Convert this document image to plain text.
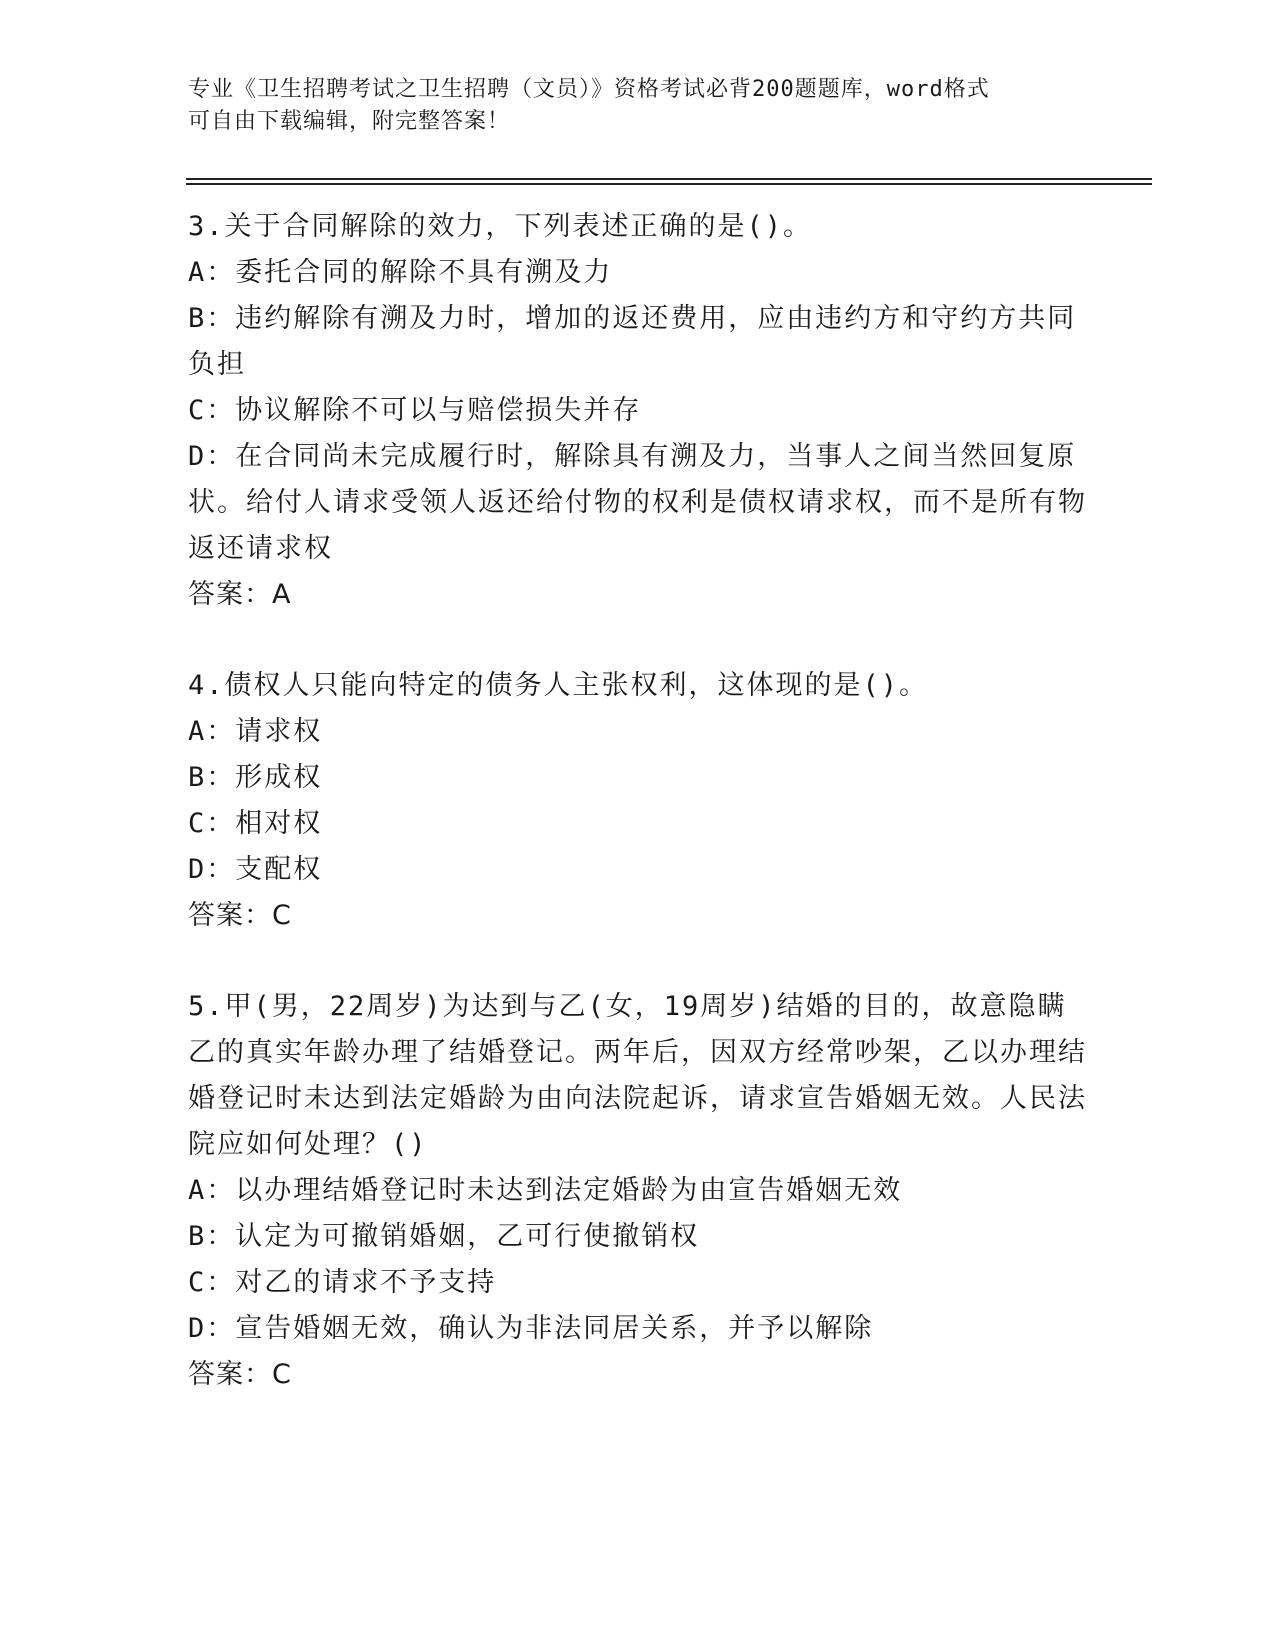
专业《卫生招聘考试之卫生招聘（文员）》资格考试必背200题题库，word格式
可自由下载编辑，附完整答案！
3.关于合同解除的效力，下列表述正确的是()。
A：委托合同的解除不具有溯及力
B：违约解除有溯及力时，增加的返还费用，应由违约方和守约方共同负担
C：协议解除不可以与赔偿损失并存
D：在合同尚未完成履行时，解除具有溯及力，当事人之间当然回复原状。给付人请求受领人返还给付物的权利是债权请求权，而不是所有物返还请求权
答案：A
4.债权人只能向特定的债务人主张权利，这体现的是()。
A：请求权
B：形成权
C：相对权
D：支配权
答案：C
5.甲(男，22周岁)为达到与乙(女，19周岁)结婚的目的，故意隐瞒乙的真实年龄办理了结婚登记。两年后，因双方经常吵架，乙以办理结婚登记时未达到法定婚龄为由向法院起诉，请求宣告婚姻无效。人民法院应如何处理？()
A：以办理结婚登记时未达到法定婚龄为由宣告婚姻无效
B：认定为可撤销婚姻，乙可行使撤销权
C：对乙的请求不予支持
D：宣告婚姻无效，确认为非法同居关系，并予以解除
答案：C
